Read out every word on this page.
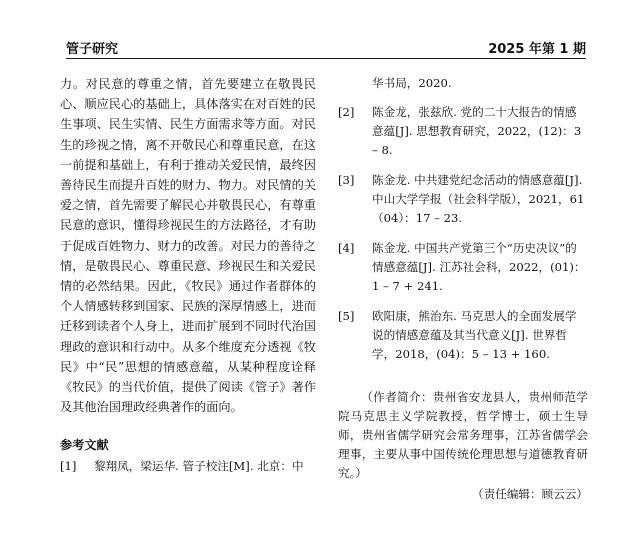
管子研究	2025 年第 1 期
力。对民意的尊重之情，首先要建立在敬畏民心、顺应民心的基础上，具体落实在对百姓的民生事项、民生实情、民生方面需求等方面。对民生的珍视之情，离不开敬民心和尊重民意，在这一前提和基础上，有利于推动关爱民情，最终因善待民生而提升百姓的财力、物力。对民情的关爱之情，首先需要了解民心并敬畏民心，有尊重民意的意识，懂得珍视民生的方法路径，才有助于促成百姓物力、财力的改善。对民力的善待之情，是敬畏民心、尊重民意、珍视民生和关爱民情的必然结果。因此，《牧民》通过作者群体的个人情感转移到国家、民族的深厚情感上，进而迁移到读者个人身上，进而扩展到不同时代治国理政的意识和行动中。从多个维度充分透视《牧民》中“民”思想的情感意蕴，从某种程度诠释《牧民》的当代价值，提供了阅读《管子》著作及其他治国理政经典著作的面向。
参考文献
[1]	黎翔凤，梁运华. 管子校注[M]. 北京：中
华书局，2020.
[2]	陈金龙，张兹欣. 党的二十大报告的情感意蕴[J]. 思想教育研究，2022，(12)：3 – 8.
[3]	陈金龙. 中共建党纪念活动的情感意蕴[J]. 中山大学学报（社会科学版），2021，61（04）：17 – 23.
[4]	陈金龙. 中国共产党第三个“历史决议”的情感意蕴[J]. 江苏社会科，2022，(01)：1 – 7 + 241.
[5]	欧阳康，熊治东. 马克思人的全面发展学说的情感意蕴及其当代意义[J]. 世界哲学，2018，(04)：5 – 13 + 160.
（作者简介：贵州省安龙县人，贵州师范学院马克思主义学院教授，哲学博士，硕士生导师，贵州省儒学研究会常务理事，江苏省儒学会理事，主要从事中国传统伦理思想与道德教育研究。）
（责任编辑：顾云云）
